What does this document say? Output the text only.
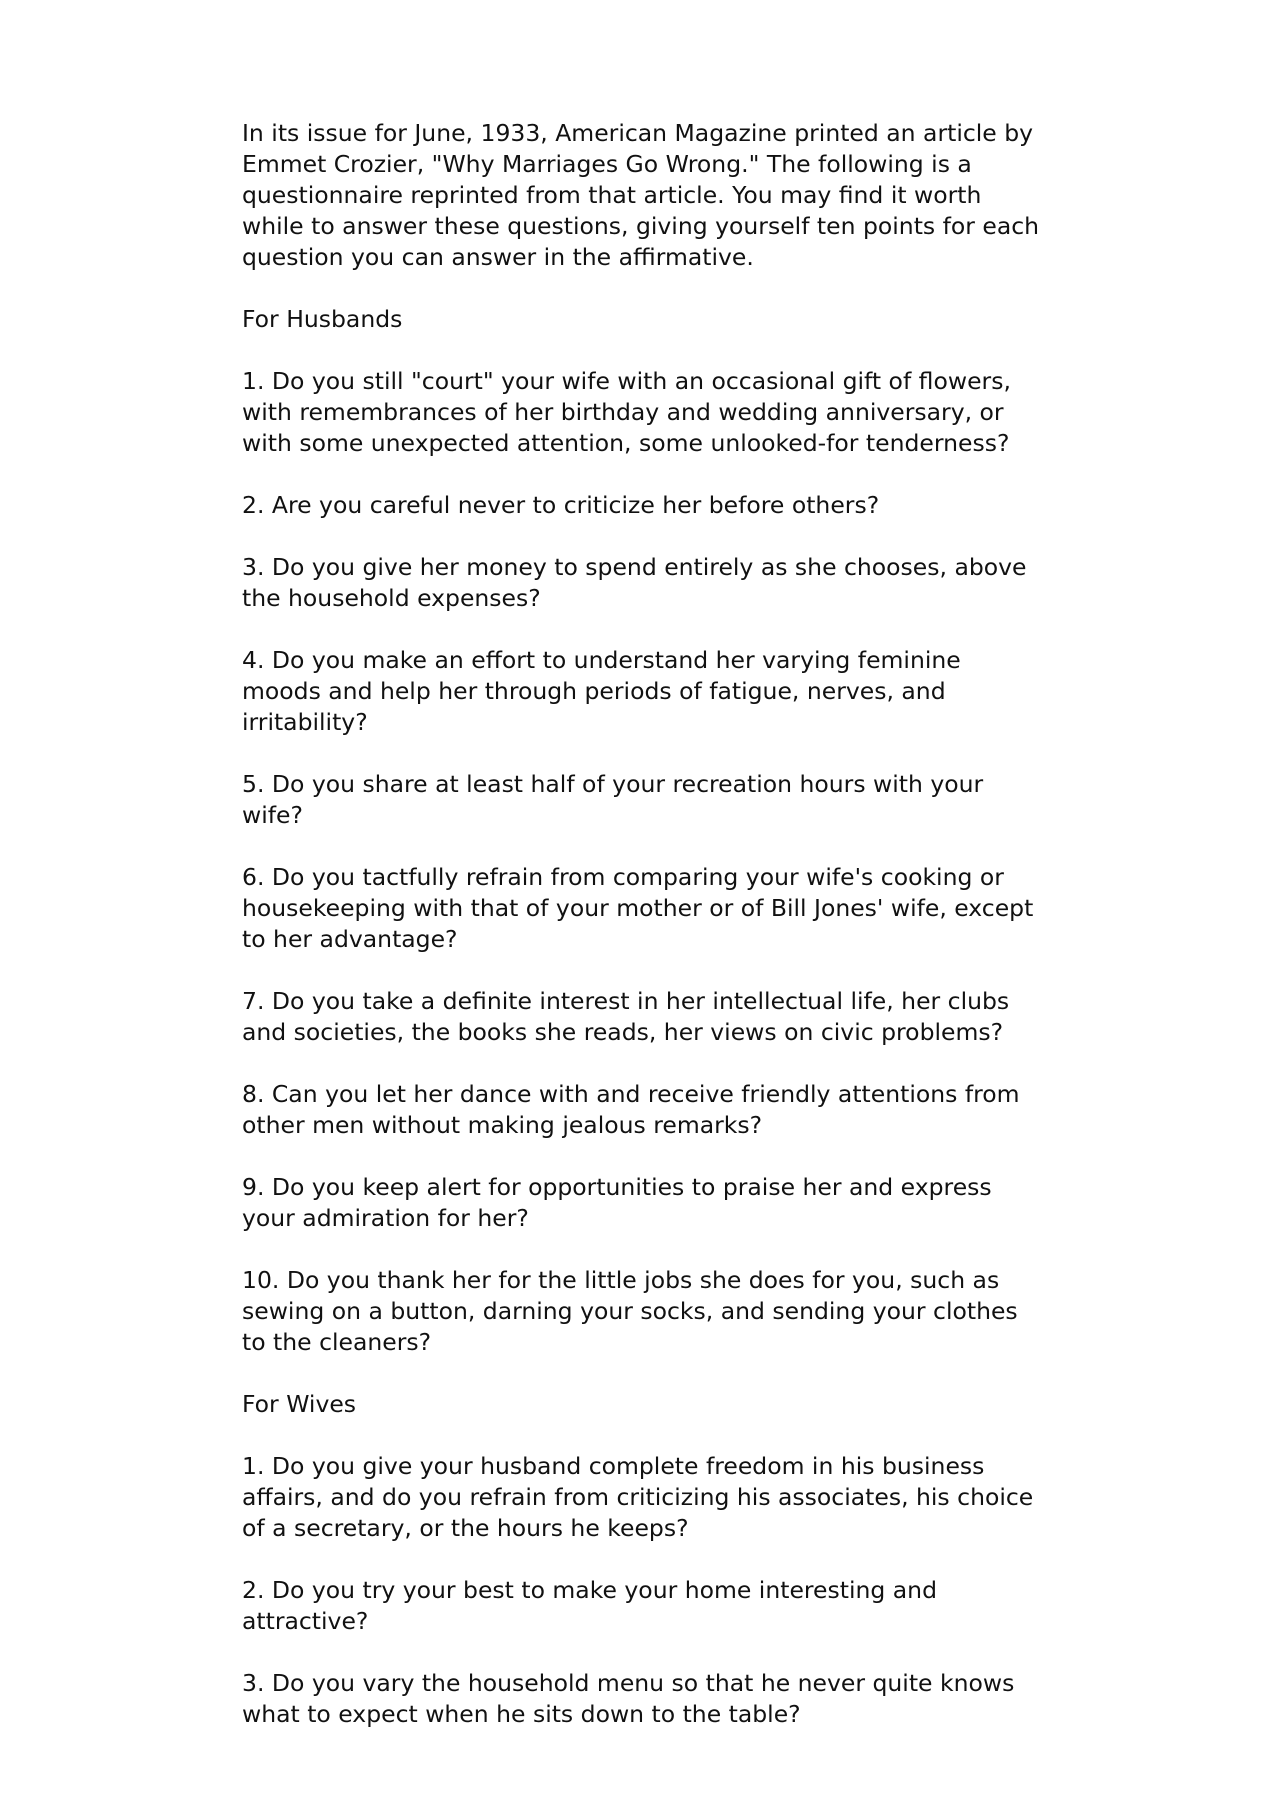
In its issue for June, 1933, American Magazine printed an article by Emmet Crozier, "Why Marriages Go Wrong." The following is a questionnaire reprinted from that article. You may find it worth while to answer these questions, giving yourself ten points for each question you can answer in the affirmative.

For Husbands

1. Do you still "court" your wife with an occasional gift of flowers, with remembrances of her birthday and wedding anniversary, or with some unexpected attention, some unlooked-for tenderness?

2. Are you careful never to criticize her before others?

3. Do you give her money to spend entirely as she chooses, above the household expenses?

4. Do you make an effort to understand her varying feminine moods and help her through periods of fatigue, nerves, and irritability?

5. Do you share at least half of your recreation hours with your wife?

6. Do you tactfully refrain from comparing your wife's cooking or housekeeping with that of your mother or of Bill Jones' wife, except to her advantage?

7. Do you take a definite interest in her intellectual life, her clubs and societies, the books she reads, her views on civic problems?

8. Can you let her dance with and receive friendly attentions from other men without making jealous remarks?

9. Do you keep alert for opportunities to praise her and express your admiration for her?

10. Do you thank her for the little jobs she does for you, such as sewing on a button, darning your socks, and sending your clothes to the cleaners?

For Wives

1. Do you give your husband complete freedom in his business affairs, and do you refrain from criticizing his associates, his choice of a secretary, or the hours he keeps?

2. Do you try your best to make your home interesting and attractive?

3. Do you vary the household menu so that he never quite knows what to expect when he sits down to the table?
